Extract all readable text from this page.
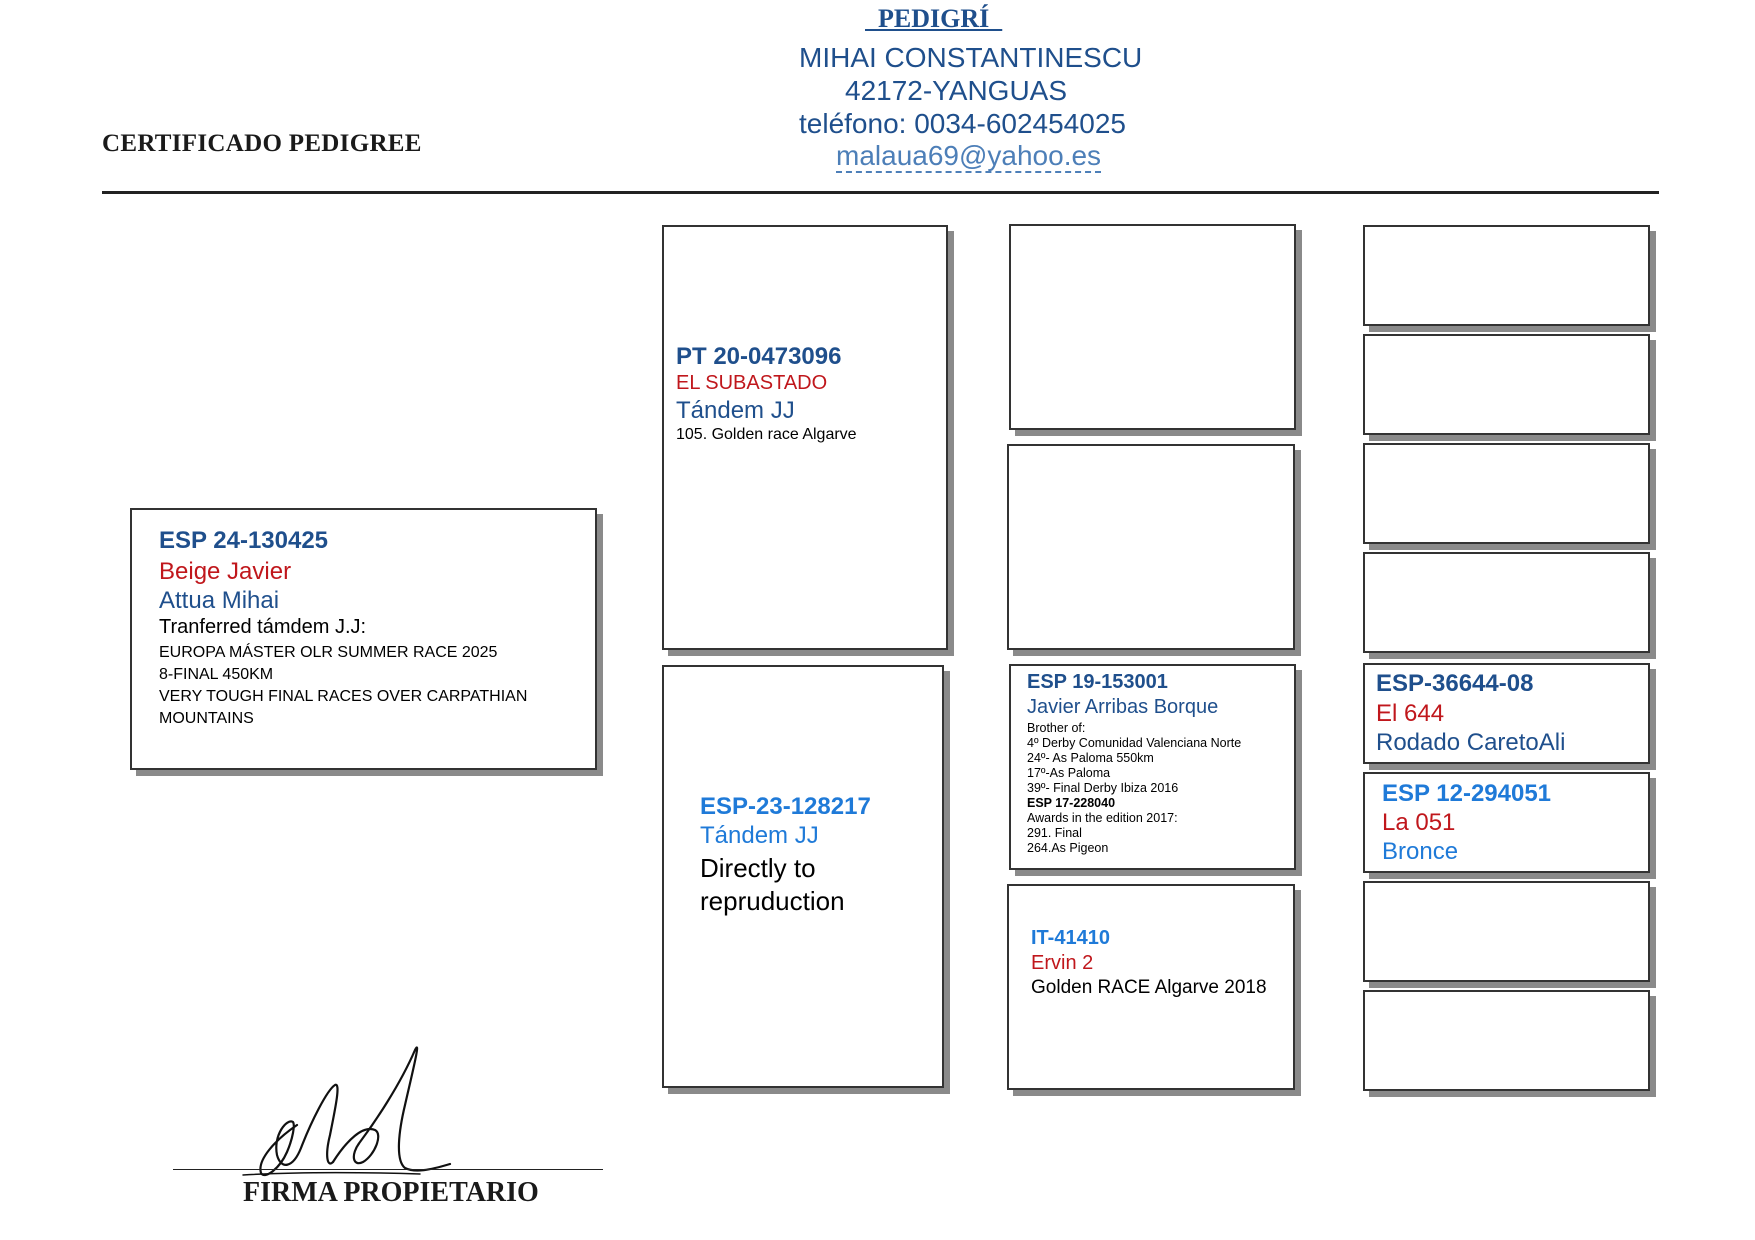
PEDIGRÍ
MIHAI CONSTANTINESCU
42172-YANGUAS
teléfono: 0034-602454025
malaua69@yahoo.es
CERTIFICADO PEDIGREE
ESP 24-130425
Beige Javier
Attua Mihai
Tranferred támdem J.J:
EUROPA MÁSTER OLR SUMMER RACE 2025
8-FINAL 450KM
VERY TOUGH FINAL RACES OVER CARPATHIAN
MOUNTAINS
PT 20-0473096
EL SUBASTADO
Tándem JJ
105. Golden race Algarve
ESP-23-128217
Tándem JJ
Directly to
repruduction
ESP 19-153001
Javier Arribas Borque
Brother of:
4º Derby Comunidad Valenciana Norte
24º- As Paloma 550km
17º-As Paloma
39º- Final Derby Ibiza 2016
ESP 17-228040
Awards in the edition 2017:
291. Final
264.As Pigeon
IT-41410
Ervin 2
Golden RACE Algarve 2018
ESP-36644-08
El 644
Rodado CaretoAli
ESP 12-294051
La 051
Bronce
FIRMA PROPIETARIO
